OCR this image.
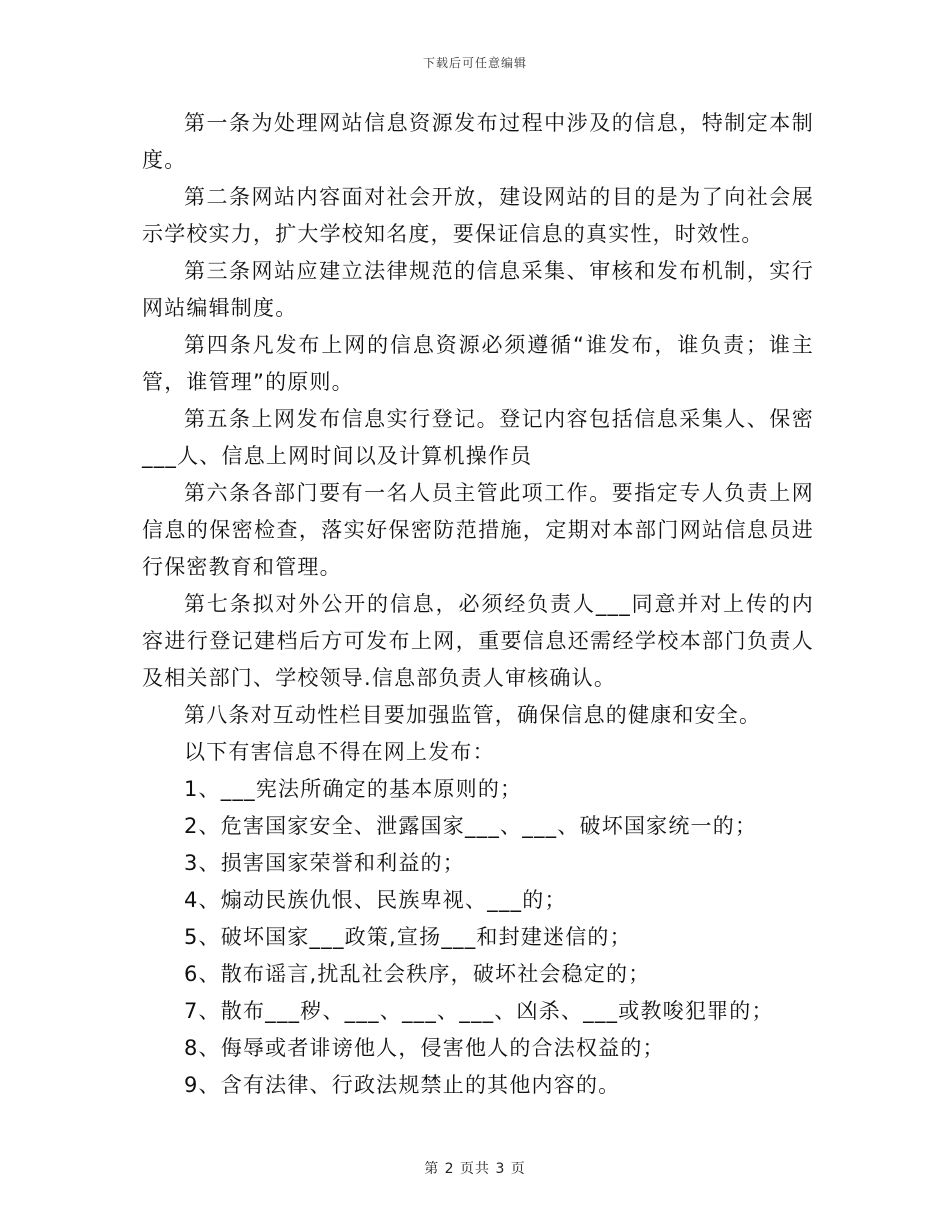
下载后可任意编辑

第一条为处理网站信息资源发布过程中涉及的信息，特制定本制度。

第二条网站内容面对社会开放，建设网站的目的是为了向社会展示学校实力，扩大学校知名度，要保证信息的真实性，时效性。

第三条网站应建立法律规范的信息采集、审核和发布机制，实行网站编辑制度。

第四条凡发布上网的信息资源必须遵循“谁发布，谁负责；谁主管，谁管理”的原则。

第五条上网发布信息实行登记。登记内容包括信息采集人、保密___人、信息上网时间以及计算机操作员

第六条各部门要有一名人员主管此项工作。要指定专人负责上网信息的保密检查，落实好保密防范措施，定期对本部门网站信息员进行保密教育和管理。

第七条拟对外公开的信息，必须经负责人___同意并对上传的内容进行登记建档后方可发布上网，重要信息还需经学校本部门负责人及相关部门、学校领导.信息部负责人审核确认。

第八条对互动性栏目要加强监管，确保信息的健康和安全。

以下有害信息不得在网上发布：

1、___宪法所确定的基本原则的；

2、危害国家安全、泄露国家___、___、破坏国家统一的；

3、损害国家荣誉和利益的；

4、煽动民族仇恨、民族卑视、___的；

5、破坏国家___政策,宣扬___和封建迷信的；

6、散布谣言,扰乱社会秩序，破坏社会稳定的；

7、散布___秽、___、___、___、凶杀、___或教唆犯罪的；

8、侮辱或者诽谤他人，侵害他人的合法权益的；

9、含有法律、行政法规禁止的其他内容的。

第 2 页共 3 页
